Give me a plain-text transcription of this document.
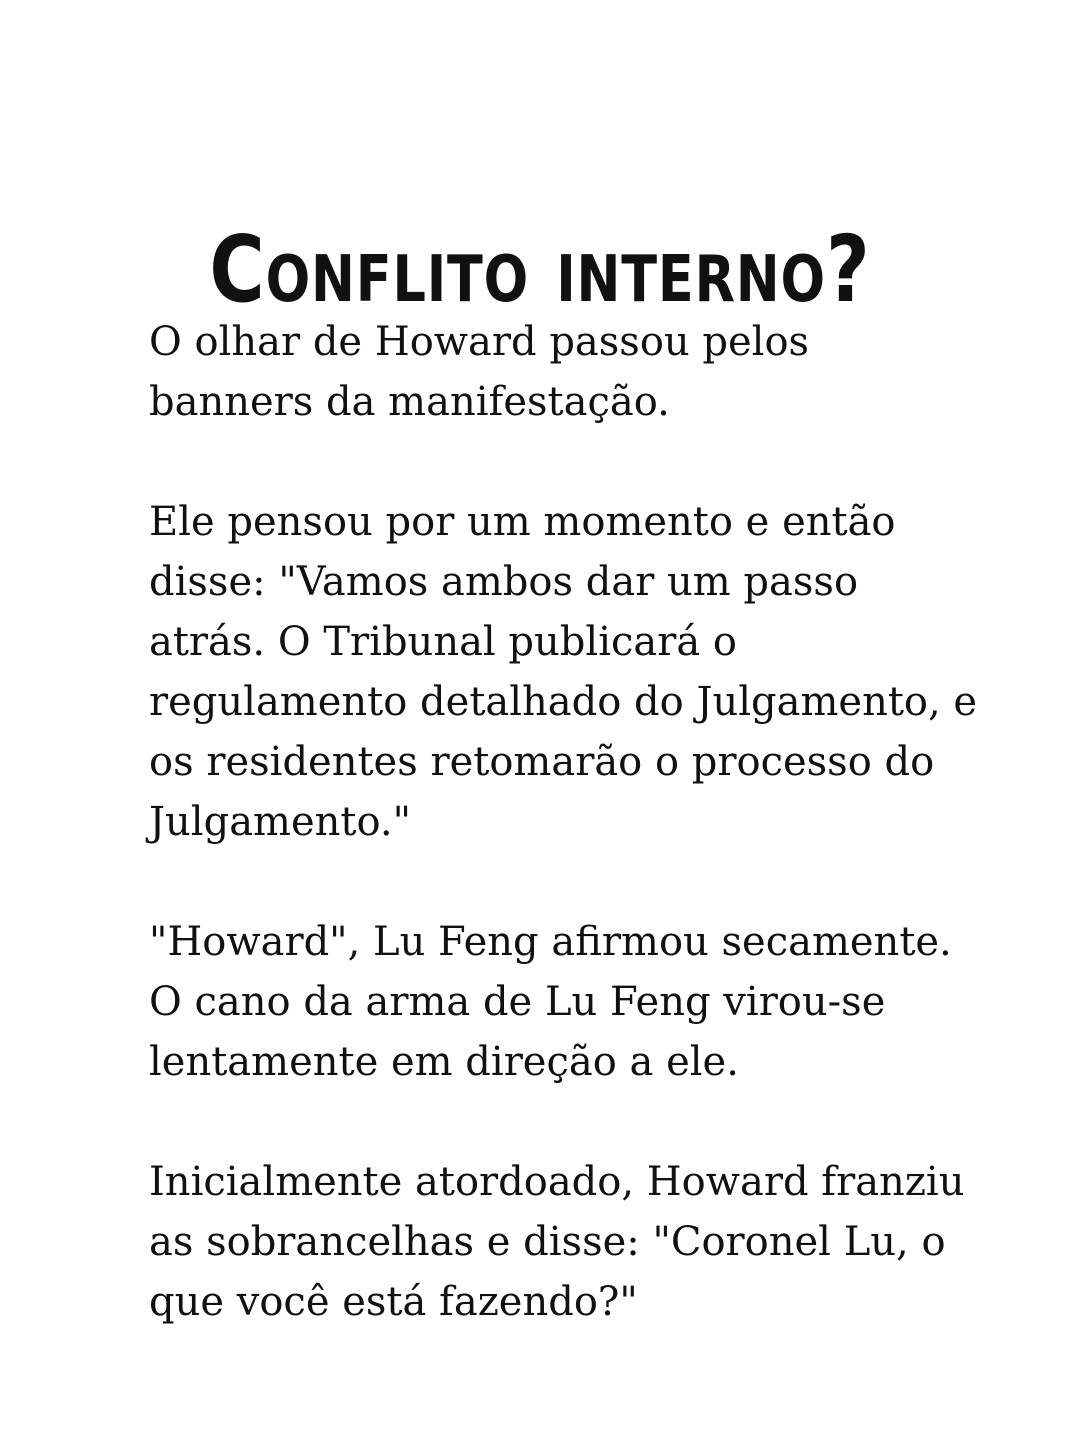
Conflito interno?

O olhar de Howard passou pelos
banners da manifestação.

Ele pensou por um momento e então
disse: "Vamos ambos dar um passo
atrás. O Tribunal publicará o
regulamento detalhado do Julgamento, e
os residentes retomarão o processo do
Julgamento."

"Howard", Lu Feng afirmou secamente.
O cano da arma de Lu Feng virou-se
lentamente em direção a ele.

Inicialmente atordoado, Howard franziu
as sobrancelhas e disse: "Coronel Lu, o
que você está fazendo?"
